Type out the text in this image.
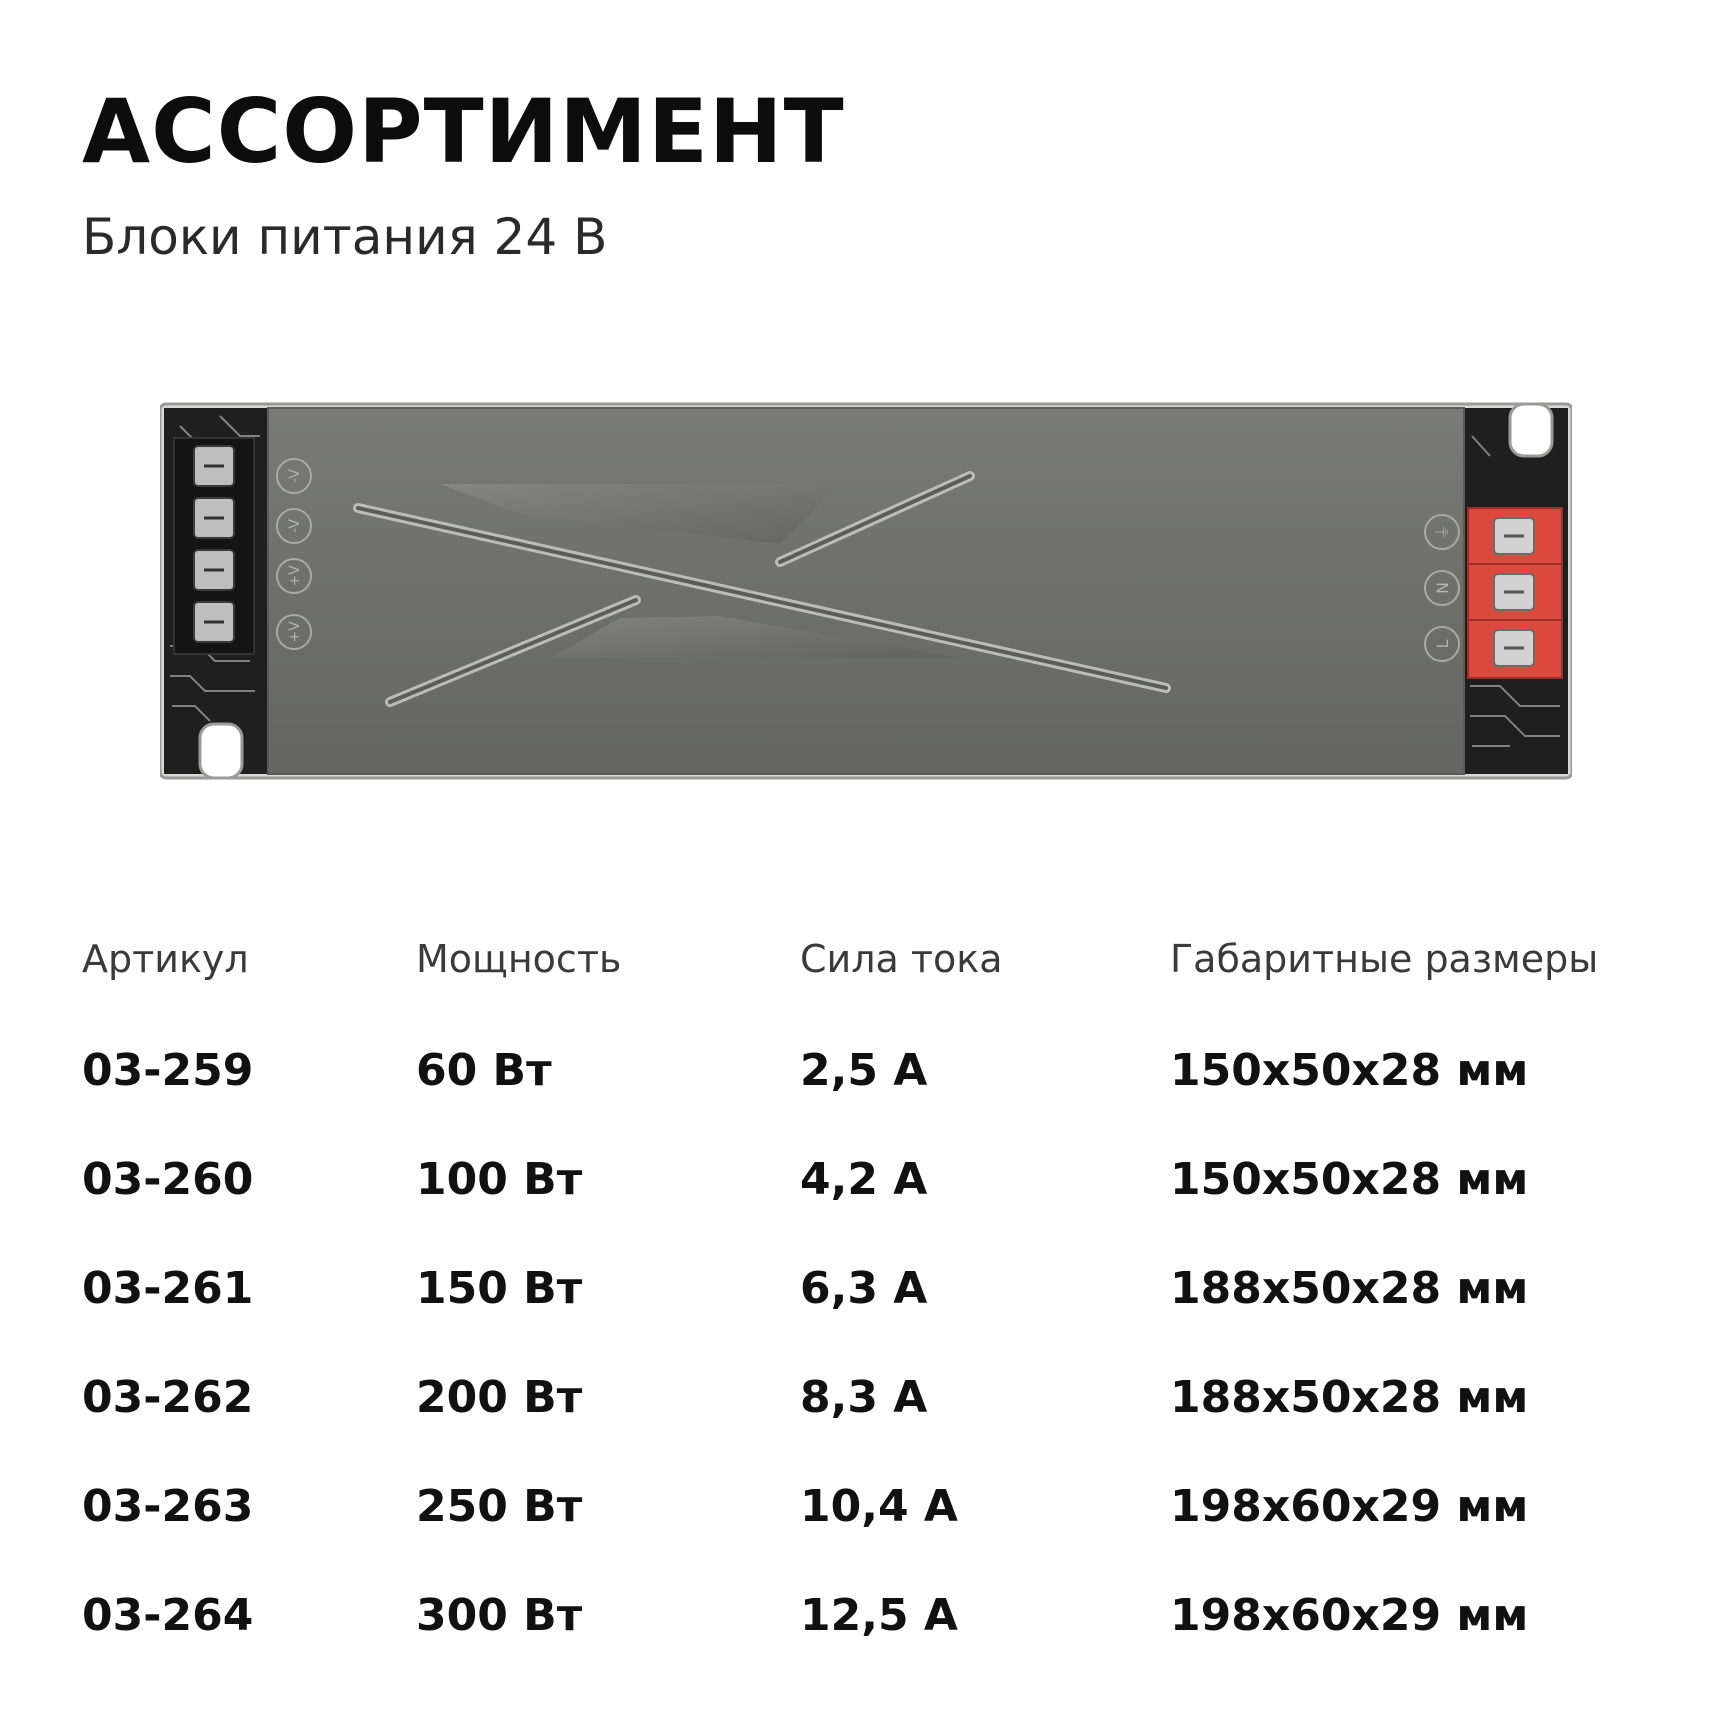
АССОРТИМЕНТ
Блоки питания 24 В
-V
-V
+V
+V
⏚
N
L
Артикул	Мощность	Сила тока	Габаритные размеры
03-259	60 Вт	2,5 А	150x50x28 мм
03-260	100 Вт	4,2 А	150x50x28 мм
03-261	150 Вт	6,3 А	188x50x28 мм
03-262	200 Вт	8,3 А	188x50x28 мм
03-263	250 Вт	10,4 А	198x60x29 мм
03-264	300 Вт	12,5 А	198x60x29 мм
